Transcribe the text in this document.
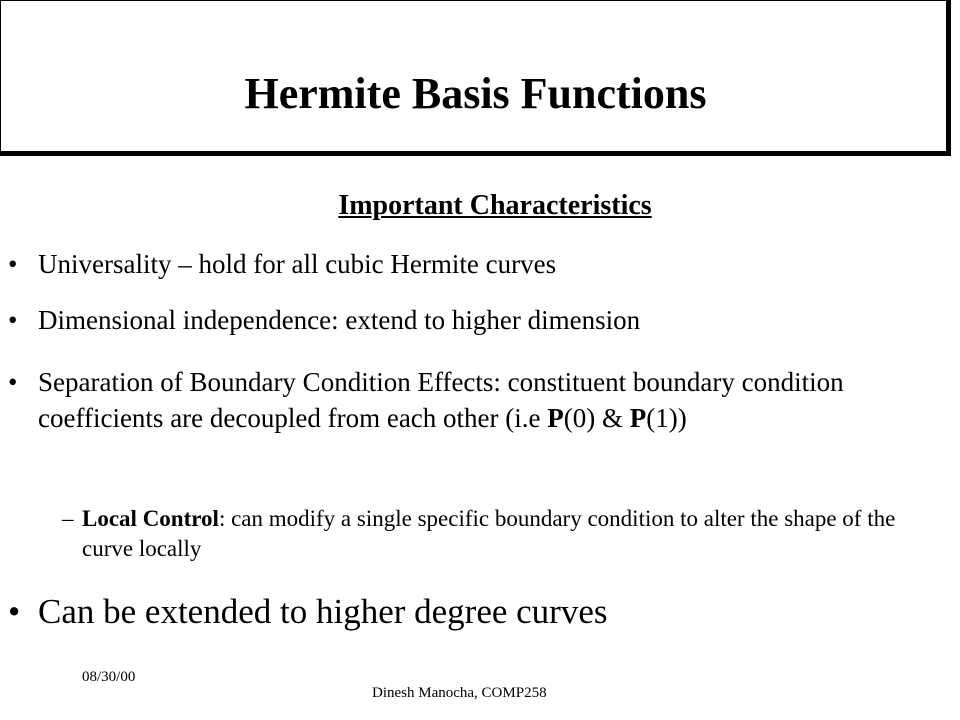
Hermite Basis Functions
Important Characteristics
• Universality – hold for all cubic Hermite curves
• Dimensional independence: extend to higher dimension
• Separation of Boundary Condition Effects: constituent boundary condition coefficients are decoupled from each other (i.e P(0) & P(1))
– Local Control: can modify a single specific boundary condition to alter the shape of the curve locally
• Can be extended to higher degree curves
08/30/00
Dinesh Manocha, COMP258
